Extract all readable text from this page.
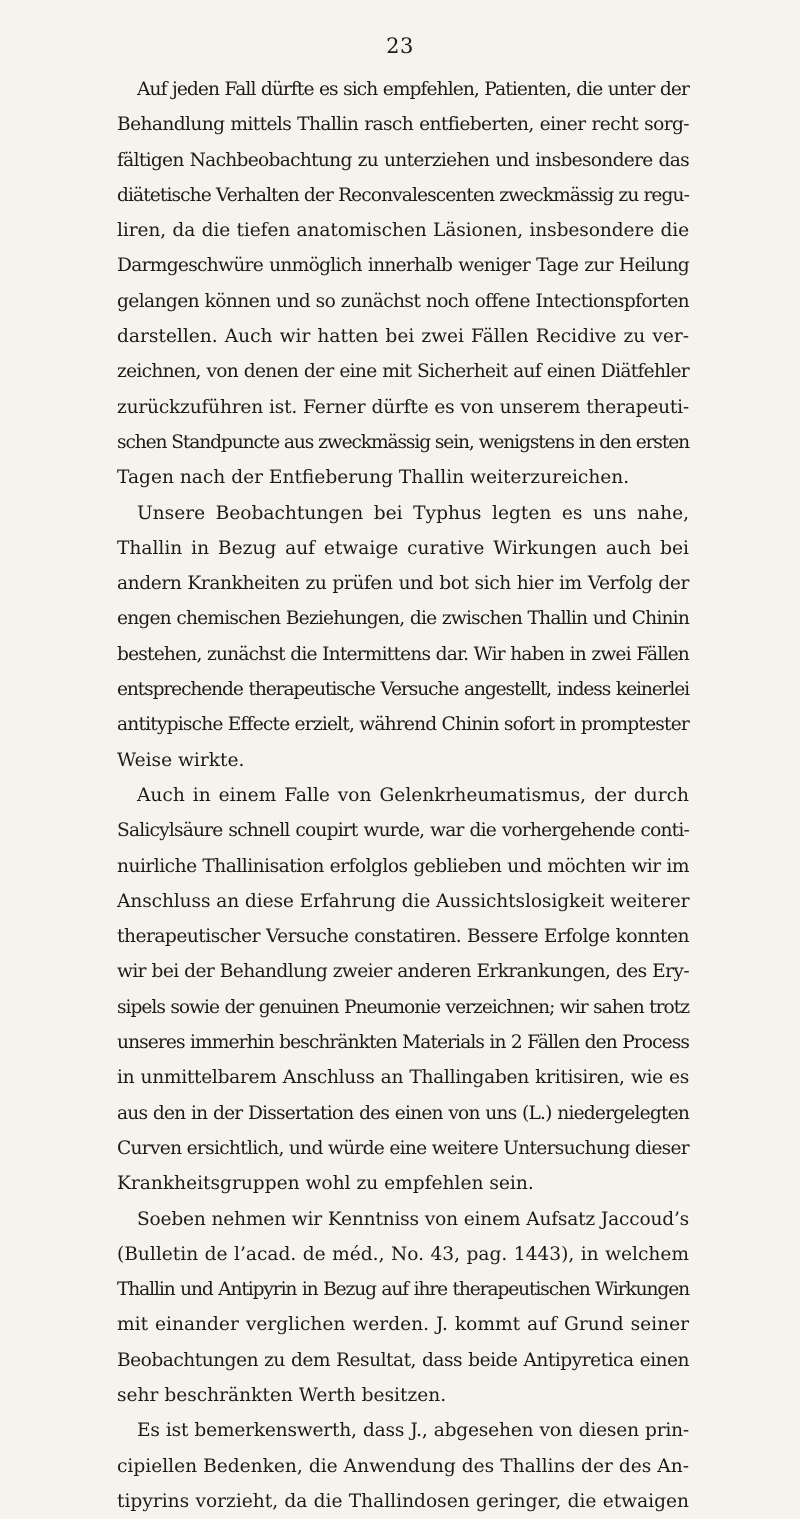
23
Auf jeden Fall dürfte es sich empfehlen, Patienten, die unter der
Behandlung mittels Thallin rasch entfieberten, einer recht sorg-
fältigen Nachbeobachtung zu unterziehen und insbesondere das
diätetische Verhalten der Reconvalescenten zweckmässig zu regu-
liren, da die tiefen anatomischen Läsionen, insbesondere die
Darmgeschwüre unmöglich innerhalb weniger Tage zur Heilung
gelangen können und so zunächst noch offene Intectionspforten
darstellen. Auch wir hatten bei zwei Fällen Recidive zu ver-
zeichnen, von denen der eine mit Sicherheit auf einen Diätfehler
zurückzuführen ist. Ferner dürfte es von unserem therapeuti-
schen Standpuncte aus zweckmässig sein, wenigstens in den ersten
Tagen nach der Entfieberung Thallin weiterzureichen.
Unsere Beobachtungen bei Typhus legten es uns nahe,
Thallin in Bezug auf etwaige curative Wirkungen auch bei
andern Krankheiten zu prüfen und bot sich hier im Verfolg der
engen chemischen Beziehungen, die zwischen Thallin und Chinin
bestehen, zunächst die Intermittens dar. Wir haben in zwei Fällen
entsprechende therapeutische Versuche angestellt, indess keinerlei
antitypische Effecte erzielt, während Chinin sofort in promptester
Weise wirkte.
Auch in einem Falle von Gelenkrheumatismus, der durch
Salicylsäure schnell coupirt wurde, war die vorhergehende conti-
nuirliche Thallinisation erfolglos geblieben und möchten wir im
Anschluss an diese Erfahrung die Aussichtslosigkeit weiterer
therapeutischer Versuche constatiren. Bessere Erfolge konnten
wir bei der Behandlung zweier anderen Erkrankungen, des Ery-
sipels sowie der genuinen Pneumonie verzeichnen; wir sahen trotz
unseres immerhin beschränkten Materials in 2 Fällen den Process
in unmittelbarem Anschluss an Thallingaben kritisiren, wie es
aus den in der Dissertation des einen von uns (L.) niedergelegten
Curven ersichtlich, und würde eine weitere Untersuchung dieser
Krankheitsgruppen wohl zu empfehlen sein.
Soeben nehmen wir Kenntniss von einem Aufsatz Jaccoud’s
(Bulletin de l’acad. de méd., No. 43, pag. 1443), in welchem
Thallin und Antipyrin in Bezug auf ihre therapeutischen Wirkungen
mit einander verglichen werden. J. kommt auf Grund seiner
Beobachtungen zu dem Resultat, dass beide Antipyretica einen
sehr beschränkten Werth besitzen.
Es ist bemerkenswerth, dass J., abgesehen von diesen prin-
cipiellen Bedenken, die Anwendung des Thallins der des An-
tipyrins vorzieht, da die Thallindosen geringer, die etwaigen
